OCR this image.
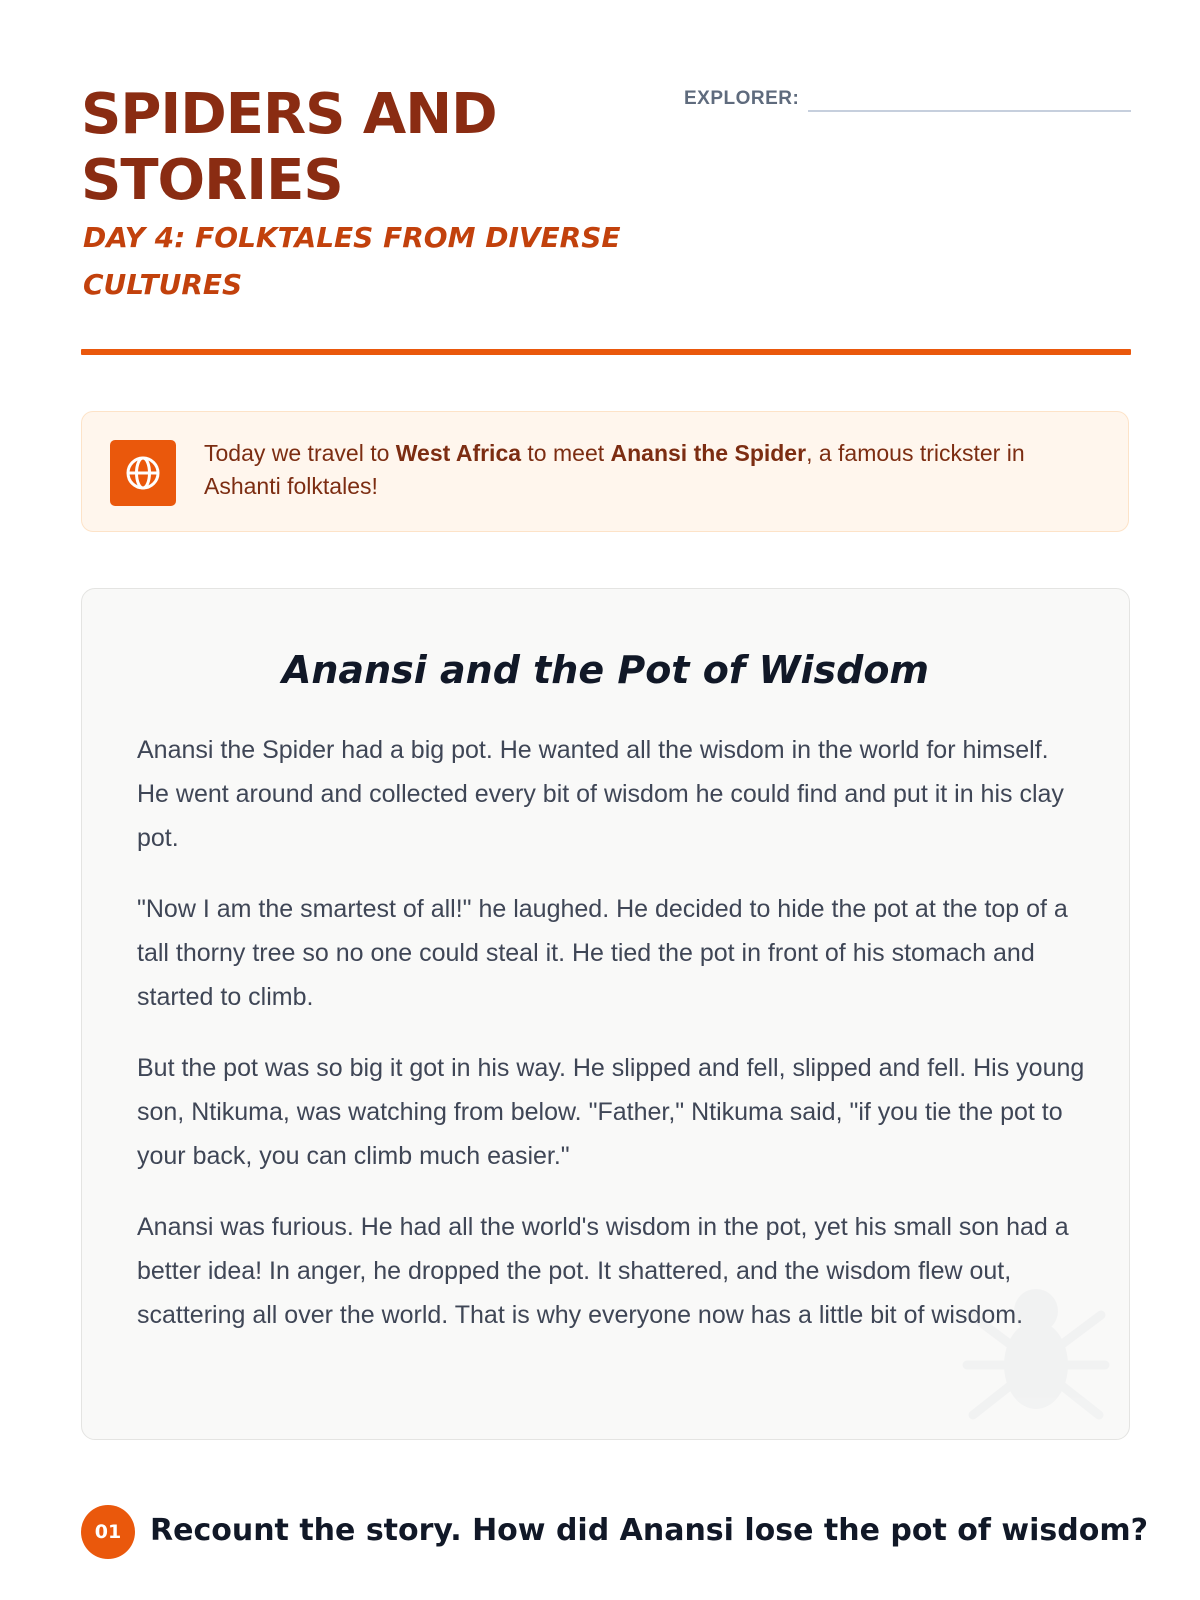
SPIDERS AND STORIES
DAY 4: FOLKTALES FROM DIVERSE CULTURES
EXPLORER:

Today we travel to West Africa to meet Anansi the Spider, a famous trickster in Ashanti folktales!

Anansi and the Pot of Wisdom

Anansi the Spider had a big pot. He wanted all the wisdom in the world for himself. He went around and collected every bit of wisdom he could find and put it in his clay pot.

"Now I am the smartest of all!" he laughed. He decided to hide the pot at the top of a tall thorny tree so no one could steal it. He tied the pot in front of his stomach and started to climb.

But the pot was so big it got in his way. He slipped and fell, slipped and fell. His young son, Ntikuma, was watching from below. "Father," Ntikuma said, "if you tie the pot to your back, you can climb much easier."

Anansi was furious. He had all the world's wisdom in the pot, yet his small son had a better idea! In anger, he dropped the pot. It shattered, and the wisdom flew out, scattering all over the world. That is why everyone now has a little bit of wisdom.

01 Recount the story. How did Anansi lose the pot of wisdom?
